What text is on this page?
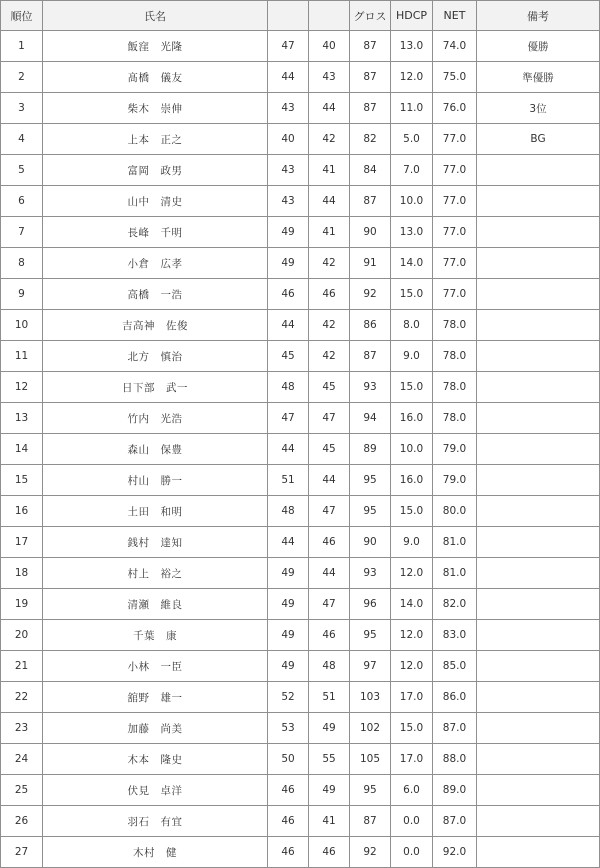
順位	氏名			グロス	HDCP	NET	備考
1	飯窪　光隆	47	40	87	13.0	74.0	優勝
2	髙橋　儀友	44	43	87	12.0	75.0	準優勝
3	柴木　崇伸	43	44	87	11.0	76.0	3位
4	上本　正之	40	42	82	5.0	77.0	BG
5	富岡　政男	43	41	84	7.0	77.0	
6	山中　清史	43	44	87	10.0	77.0	
7	長峰　千明	49	41	90	13.0	77.0	
8	小倉　広孝	49	42	91	14.0	77.0	
9	高橋　一浩	46	46	92	15.0	77.0	
10	吉高神　佐俊	44	42	86	8.0	78.0	
11	北方　慎治	45	42	87	9.0	78.0	
12	日下部　武一	48	45	93	15.0	78.0	
13	竹内　光浩	47	47	94	16.0	78.0	
14	森山　保豊	44	45	89	10.0	79.0	
15	村山　勝一	51	44	95	16.0	79.0	
16	土田　和明	48	47	95	15.0	80.0	
17	銭村　達知	44	46	90	9.0	81.0	
18	村上　裕之	49	44	93	12.0	81.0	
19	清瀬　維良	49	47	96	14.0	82.0	
20	千葉　康	49	46	95	12.0	83.0	
21	小林　一臣	49	48	97	12.0	85.0	
22	舘野　雄一	52	51	103	17.0	86.0	
23	加藤　尚美	53	49	102	15.0	87.0	
24	木本　隆史	50	55	105	17.0	88.0	
25	伏見　卓洋	46	49	95	6.0	89.0	
26	羽石　有宜	46	41	87	0.0	87.0	
27	木村　健	46	46	92	0.0	92.0	
